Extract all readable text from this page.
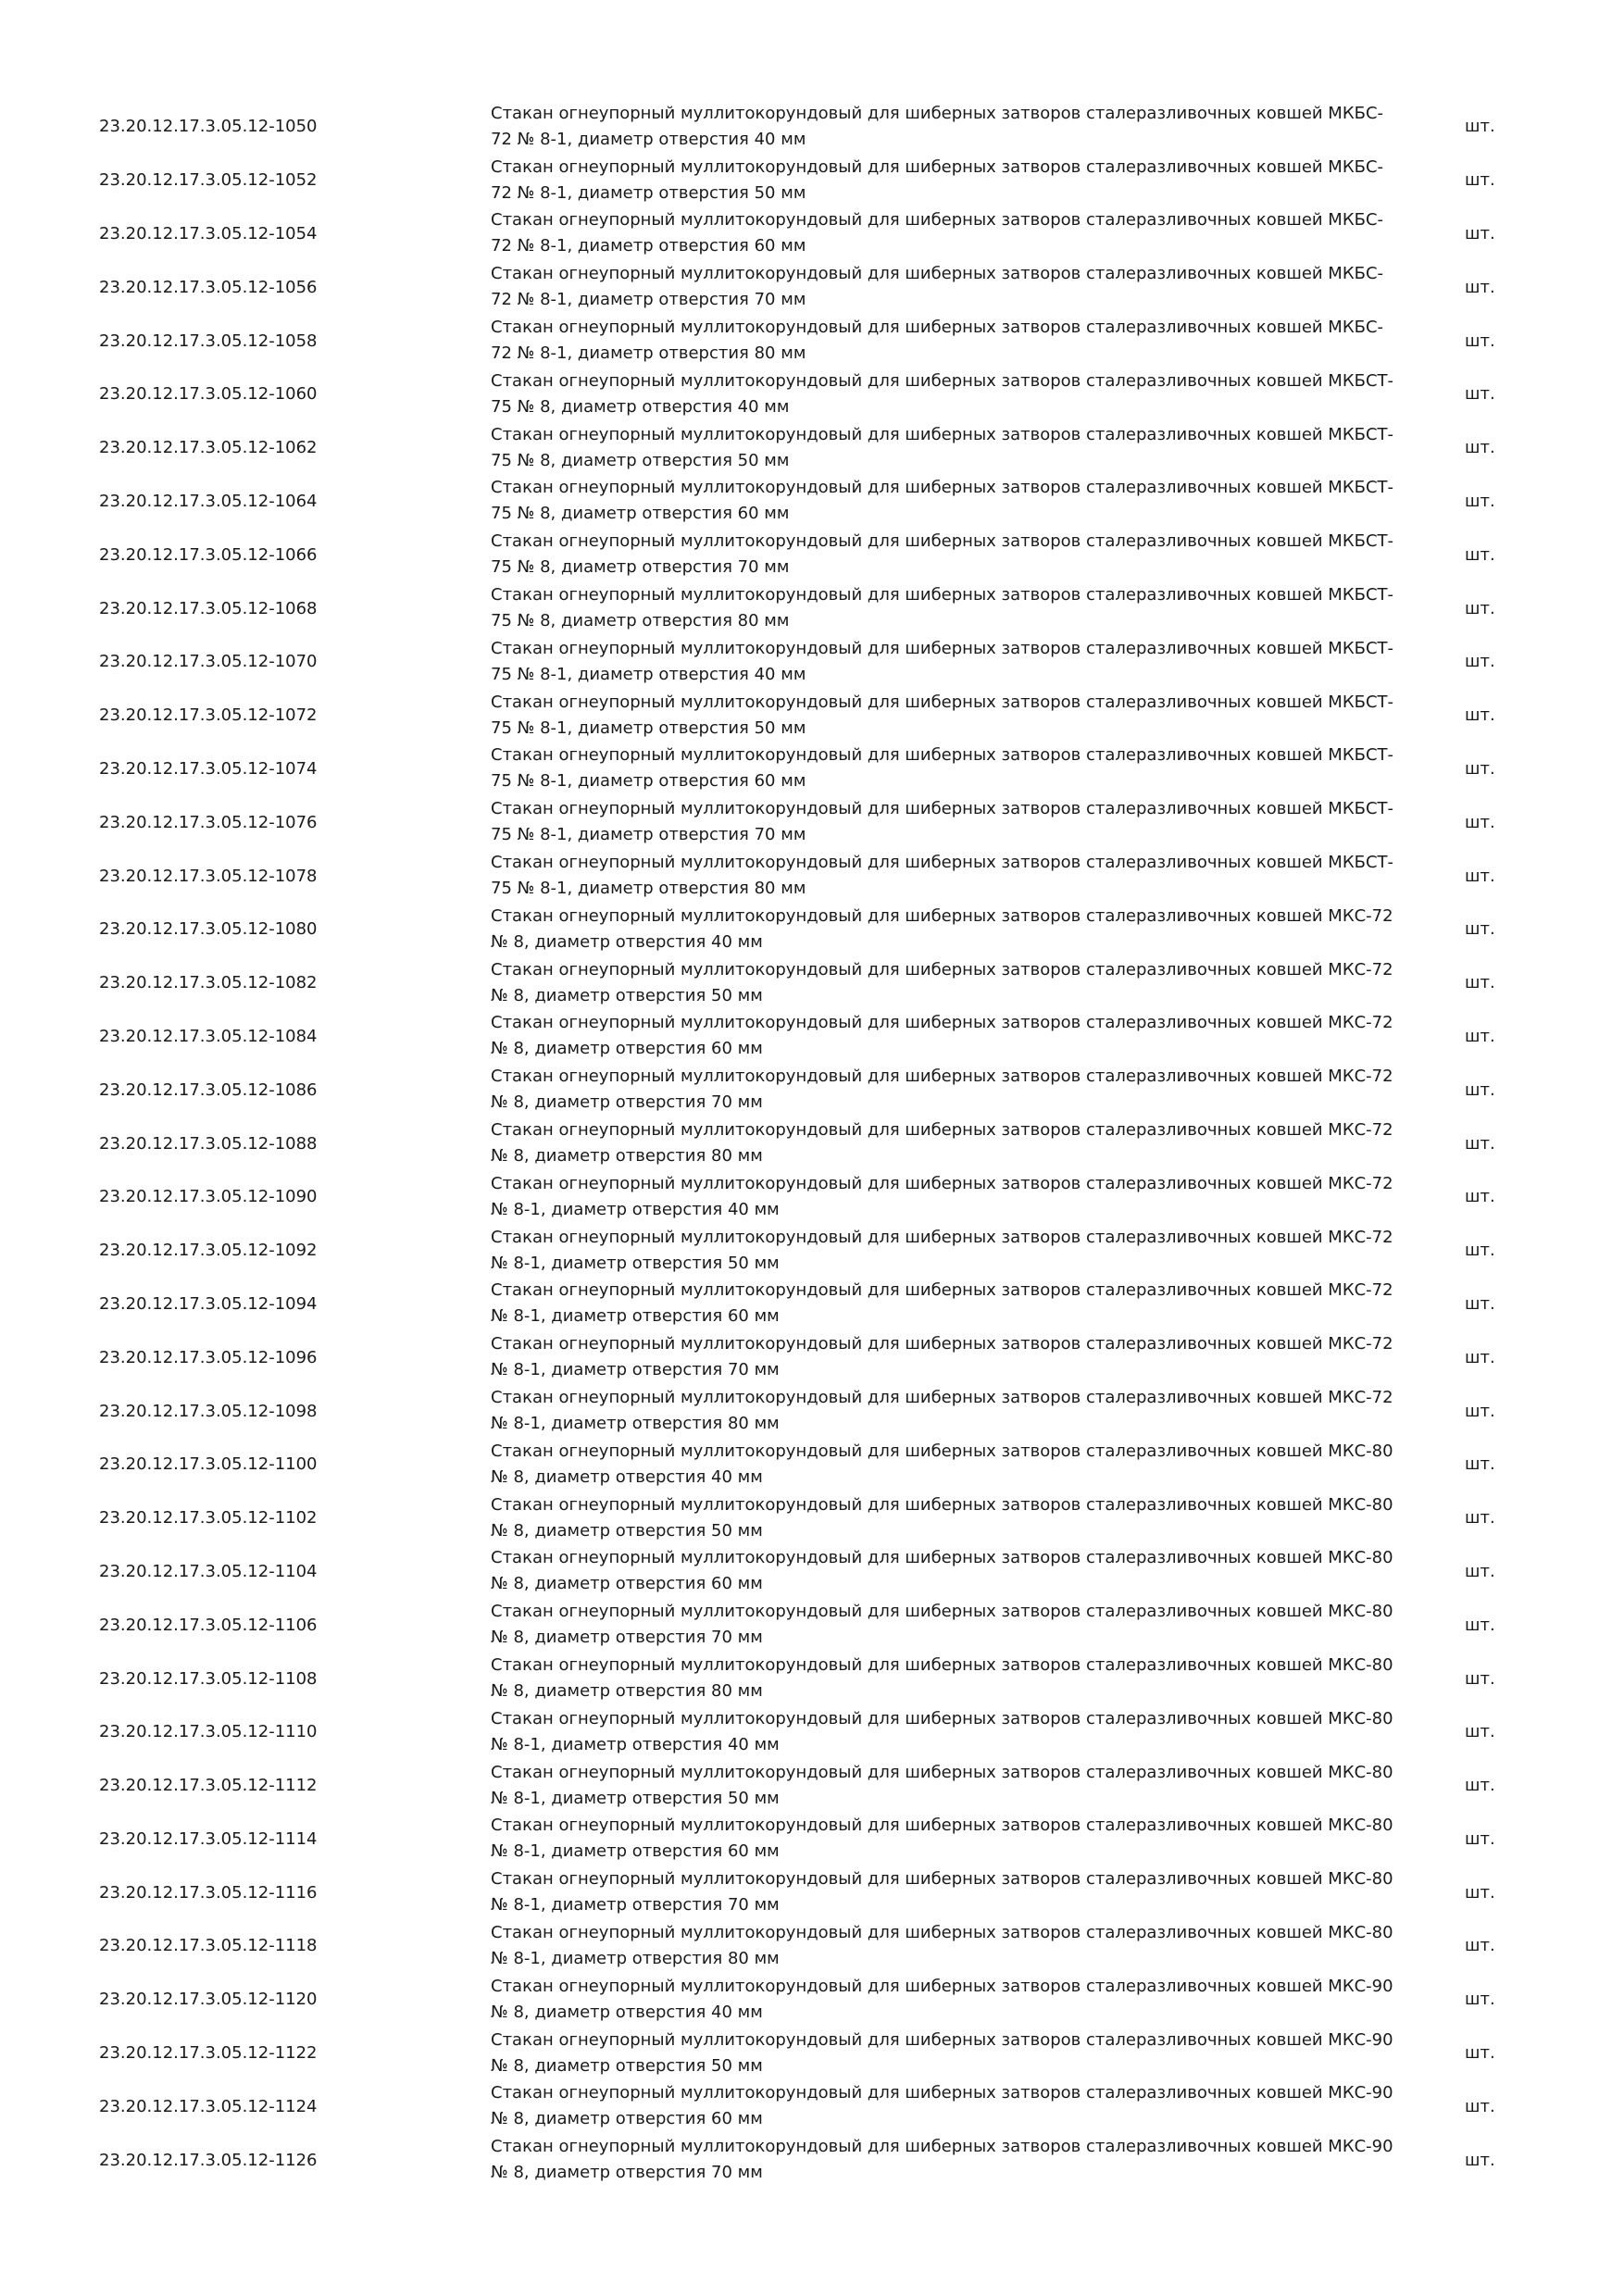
23.20.12.17.3.05.12-1050	Стакан огнеупорный муллитокорундовый для шиберных затворов сталеразливочных ковшей МКБС-
72 № 8-1, диаметр отверстия 40 мм	шт.
23.20.12.17.3.05.12-1052	Стакан огнеупорный муллитокорундовый для шиберных затворов сталеразливочных ковшей МКБС-
72 № 8-1, диаметр отверстия 50 мм	шт.
23.20.12.17.3.05.12-1054	Стакан огнеупорный муллитокорундовый для шиберных затворов сталеразливочных ковшей МКБС-
72 № 8-1, диаметр отверстия 60 мм	шт.
23.20.12.17.3.05.12-1056	Стакан огнеупорный муллитокорундовый для шиберных затворов сталеразливочных ковшей МКБС-
72 № 8-1, диаметр отверстия 70 мм	шт.
23.20.12.17.3.05.12-1058	Стакан огнеупорный муллитокорундовый для шиберных затворов сталеразливочных ковшей МКБС-
72 № 8-1, диаметр отверстия 80 мм	шт.
23.20.12.17.3.05.12-1060	Стакан огнеупорный муллитокорундовый для шиберных затворов сталеразливочных ковшей МКБСТ-
75 № 8, диаметр отверстия 40 мм	шт.
23.20.12.17.3.05.12-1062	Стакан огнеупорный муллитокорундовый для шиберных затворов сталеразливочных ковшей МКБСТ-
75 № 8, диаметр отверстия 50 мм	шт.
23.20.12.17.3.05.12-1064	Стакан огнеупорный муллитокорундовый для шиберных затворов сталеразливочных ковшей МКБСТ-
75 № 8, диаметр отверстия 60 мм	шт.
23.20.12.17.3.05.12-1066	Стакан огнеупорный муллитокорундовый для шиберных затворов сталеразливочных ковшей МКБСТ-
75 № 8, диаметр отверстия 70 мм	шт.
23.20.12.17.3.05.12-1068	Стакан огнеупорный муллитокорундовый для шиберных затворов сталеразливочных ковшей МКБСТ-
75 № 8, диаметр отверстия 80 мм	шт.
23.20.12.17.3.05.12-1070	Стакан огнеупорный муллитокорундовый для шиберных затворов сталеразливочных ковшей МКБСТ-
75 № 8-1, диаметр отверстия 40 мм	шт.
23.20.12.17.3.05.12-1072	Стакан огнеупорный муллитокорундовый для шиберных затворов сталеразливочных ковшей МКБСТ-
75 № 8-1, диаметр отверстия 50 мм	шт.
23.20.12.17.3.05.12-1074	Стакан огнеупорный муллитокорундовый для шиберных затворов сталеразливочных ковшей МКБСТ-
75 № 8-1, диаметр отверстия 60 мм	шт.
23.20.12.17.3.05.12-1076	Стакан огнеупорный муллитокорундовый для шиберных затворов сталеразливочных ковшей МКБСТ-
75 № 8-1, диаметр отверстия 70 мм	шт.
23.20.12.17.3.05.12-1078	Стакан огнеупорный муллитокорундовый для шиберных затворов сталеразливочных ковшей МКБСТ-
75 № 8-1, диаметр отверстия 80 мм	шт.
23.20.12.17.3.05.12-1080	Стакан огнеупорный муллитокорундовый для шиберных затворов сталеразливочных ковшей МКС-72
№ 8, диаметр отверстия 40 мм	шт.
23.20.12.17.3.05.12-1082	Стакан огнеупорный муллитокорундовый для шиберных затворов сталеразливочных ковшей МКС-72
№ 8, диаметр отверстия 50 мм	шт.
23.20.12.17.3.05.12-1084	Стакан огнеупорный муллитокорундовый для шиберных затворов сталеразливочных ковшей МКС-72
№ 8, диаметр отверстия 60 мм	шт.
23.20.12.17.3.05.12-1086	Стакан огнеупорный муллитокорундовый для шиберных затворов сталеразливочных ковшей МКС-72
№ 8, диаметр отверстия 70 мм	шт.
23.20.12.17.3.05.12-1088	Стакан огнеупорный муллитокорундовый для шиберных затворов сталеразливочных ковшей МКС-72
№ 8, диаметр отверстия 80 мм	шт.
23.20.12.17.3.05.12-1090	Стакан огнеупорный муллитокорундовый для шиберных затворов сталеразливочных ковшей МКС-72
№ 8-1, диаметр отверстия 40 мм	шт.
23.20.12.17.3.05.12-1092	Стакан огнеупорный муллитокорундовый для шиберных затворов сталеразливочных ковшей МКС-72
№ 8-1, диаметр отверстия 50 мм	шт.
23.20.12.17.3.05.12-1094	Стакан огнеупорный муллитокорундовый для шиберных затворов сталеразливочных ковшей МКС-72
№ 8-1, диаметр отверстия 60 мм	шт.
23.20.12.17.3.05.12-1096	Стакан огнеупорный муллитокорундовый для шиберных затворов сталеразливочных ковшей МКС-72
№ 8-1, диаметр отверстия 70 мм	шт.
23.20.12.17.3.05.12-1098	Стакан огнеупорный муллитокорундовый для шиберных затворов сталеразливочных ковшей МКС-72
№ 8-1, диаметр отверстия 80 мм	шт.
23.20.12.17.3.05.12-1100	Стакан огнеупорный муллитокорундовый для шиберных затворов сталеразливочных ковшей МКС-80
№ 8, диаметр отверстия 40 мм	шт.
23.20.12.17.3.05.12-1102	Стакан огнеупорный муллитокорундовый для шиберных затворов сталеразливочных ковшей МКС-80
№ 8, диаметр отверстия 50 мм	шт.
23.20.12.17.3.05.12-1104	Стакан огнеупорный муллитокорундовый для шиберных затворов сталеразливочных ковшей МКС-80
№ 8, диаметр отверстия 60 мм	шт.
23.20.12.17.3.05.12-1106	Стакан огнеупорный муллитокорундовый для шиберных затворов сталеразливочных ковшей МКС-80
№ 8, диаметр отверстия 70 мм	шт.
23.20.12.17.3.05.12-1108	Стакан огнеупорный муллитокорундовый для шиберных затворов сталеразливочных ковшей МКС-80
№ 8, диаметр отверстия 80 мм	шт.
23.20.12.17.3.05.12-1110	Стакан огнеупорный муллитокорундовый для шиберных затворов сталеразливочных ковшей МКС-80
№ 8-1, диаметр отверстия 40 мм	шт.
23.20.12.17.3.05.12-1112	Стакан огнеупорный муллитокорундовый для шиберных затворов сталеразливочных ковшей МКС-80
№ 8-1, диаметр отверстия 50 мм	шт.
23.20.12.17.3.05.12-1114	Стакан огнеупорный муллитокорундовый для шиберных затворов сталеразливочных ковшей МКС-80
№ 8-1, диаметр отверстия 60 мм	шт.
23.20.12.17.3.05.12-1116	Стакан огнеупорный муллитокорундовый для шиберных затворов сталеразливочных ковшей МКС-80
№ 8-1, диаметр отверстия 70 мм	шт.
23.20.12.17.3.05.12-1118	Стакан огнеупорный муллитокорундовый для шиберных затворов сталеразливочных ковшей МКС-80
№ 8-1, диаметр отверстия 80 мм	шт.
23.20.12.17.3.05.12-1120	Стакан огнеупорный муллитокорундовый для шиберных затворов сталеразливочных ковшей МКС-90
№ 8, диаметр отверстия 40 мм	шт.
23.20.12.17.3.05.12-1122	Стакан огнеупорный муллитокорундовый для шиберных затворов сталеразливочных ковшей МКС-90
№ 8, диаметр отверстия 50 мм	шт.
23.20.12.17.3.05.12-1124	Стакан огнеупорный муллитокорундовый для шиберных затворов сталеразливочных ковшей МКС-90
№ 8, диаметр отверстия 60 мм	шт.
23.20.12.17.3.05.12-1126	Стакан огнеупорный муллитокорундовый для шиберных затворов сталеразливочных ковшей МКС-90
№ 8, диаметр отверстия 70 мм	шт.
